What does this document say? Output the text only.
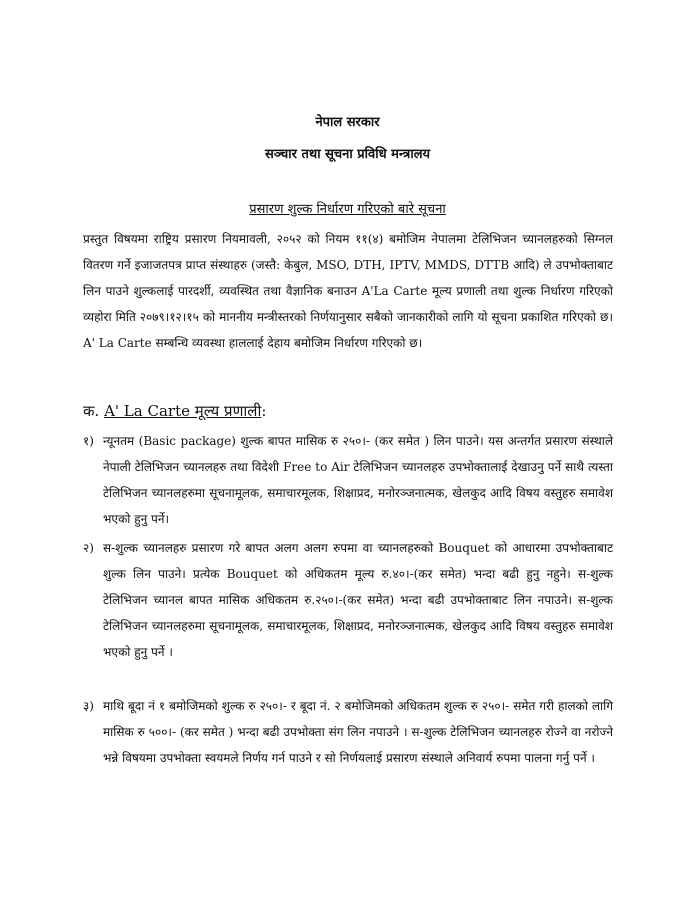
नेपाल सरकार
सञ्चार तथा सूचना प्रविधि मन्त्रालय
प्रसारण शुल्क निर्धारण गरिएको बारे सूचना

प्रस्तुत विषयमा राष्ट्रिय प्रसारण नियमावली, २०५२ को नियम ११(४) बमोजिम नेपालमा टेलिभिजन च्यानलहरुको सिग्नल वितरण गर्ने इजाजतपत्र प्राप्त संस्थाहरु (जस्तै: केबुल, MSO, DTH, IPTV, MMDS, DTTB आदि) ले उपभोक्ताबाट लिन पाउने शुल्कलाई पारदर्शी, व्यवस्थित तथा वैज्ञानिक बनाउन A'La Carte मूल्य प्रणाली तथा शुल्क निर्धारण गरिएको व्यहोरा मिति २०७९।१२।१५ को माननीय मन्त्रीस्तरको निर्णयानुसार सबैको जानकारीको लागि यो सूचना प्रकाशित गरिएको छ। A' La Carte सम्बन्धि व्यवस्था हाललाई देहाय बमोजिम निर्धारण गरिएको छ।

क. A' La Carte मूल्य प्रणाली:
१) न्यूनतम (Basic package) शुल्क बापत मासिक रु २५०।- (कर समेत ) लिन पाउने। यस अन्तर्गत प्रसारण संस्थाले नेपाली टेलिभिजन च्यानलहरु तथा विदेशी Free to Air टेलिभिजन च्यानलहरु उपभोक्तालाई देखाउनु पर्ने साथै त्यस्ता टेलिभिजन च्यानलहरुमा सूचनामूलक, समाचारमूलक, शिक्षाप्रद, मनोरञ्जनात्मक, खेलकुद आदि विषय वस्तुहरु समावेश भएको हुनु पर्ने।
२) स-शुल्क च्यानलहरु प्रसारण गरे बापत अलग अलग रुपमा वा च्यानलहरुको Bouquet को आधारमा उपभोक्ताबाट शुल्क लिन पाउने। प्रत्येक Bouquet को अधिकतम मूल्य रु.४०।-(कर समेत) भन्दा बढी हुनु नहुने। स-शुल्क टेलिभिजन च्यानल बापत मासिक अधिकतम रु.२५०।-(कर समेत) भन्दा बढी उपभोक्ताबाट लिन नपाउने। स-शुल्क टेलिभिजन च्यानलहरुमा सूचनामूलक, समाचारमूलक, शिक्षाप्रद, मनोरञ्जनात्मक, खेलकुद आदि विषय वस्तुहरु समावेश भएको हुनु पर्ने ।
३) माथि बूदा नं १ बमोजिमको शुल्क रु २५०।- र बूदा नं. २ बमोजिमको अधिकतम शुल्क रु २५०।- समेत गरी हालको लागि मासिक रु ५००।- (कर समेत ) भन्दा बढी उपभोक्ता संग लिन नपाउने । स-शुल्क टेलिभिजन च्यानलहरु रोज्ने वा नरोज्ने भन्ने विषयमा उपभोक्ता स्वयमले निर्णय गर्न पाउने र सो निर्णयलाई प्रसारण संस्थाले अनिवार्य रुपमा पालना गर्नु पर्ने ।
